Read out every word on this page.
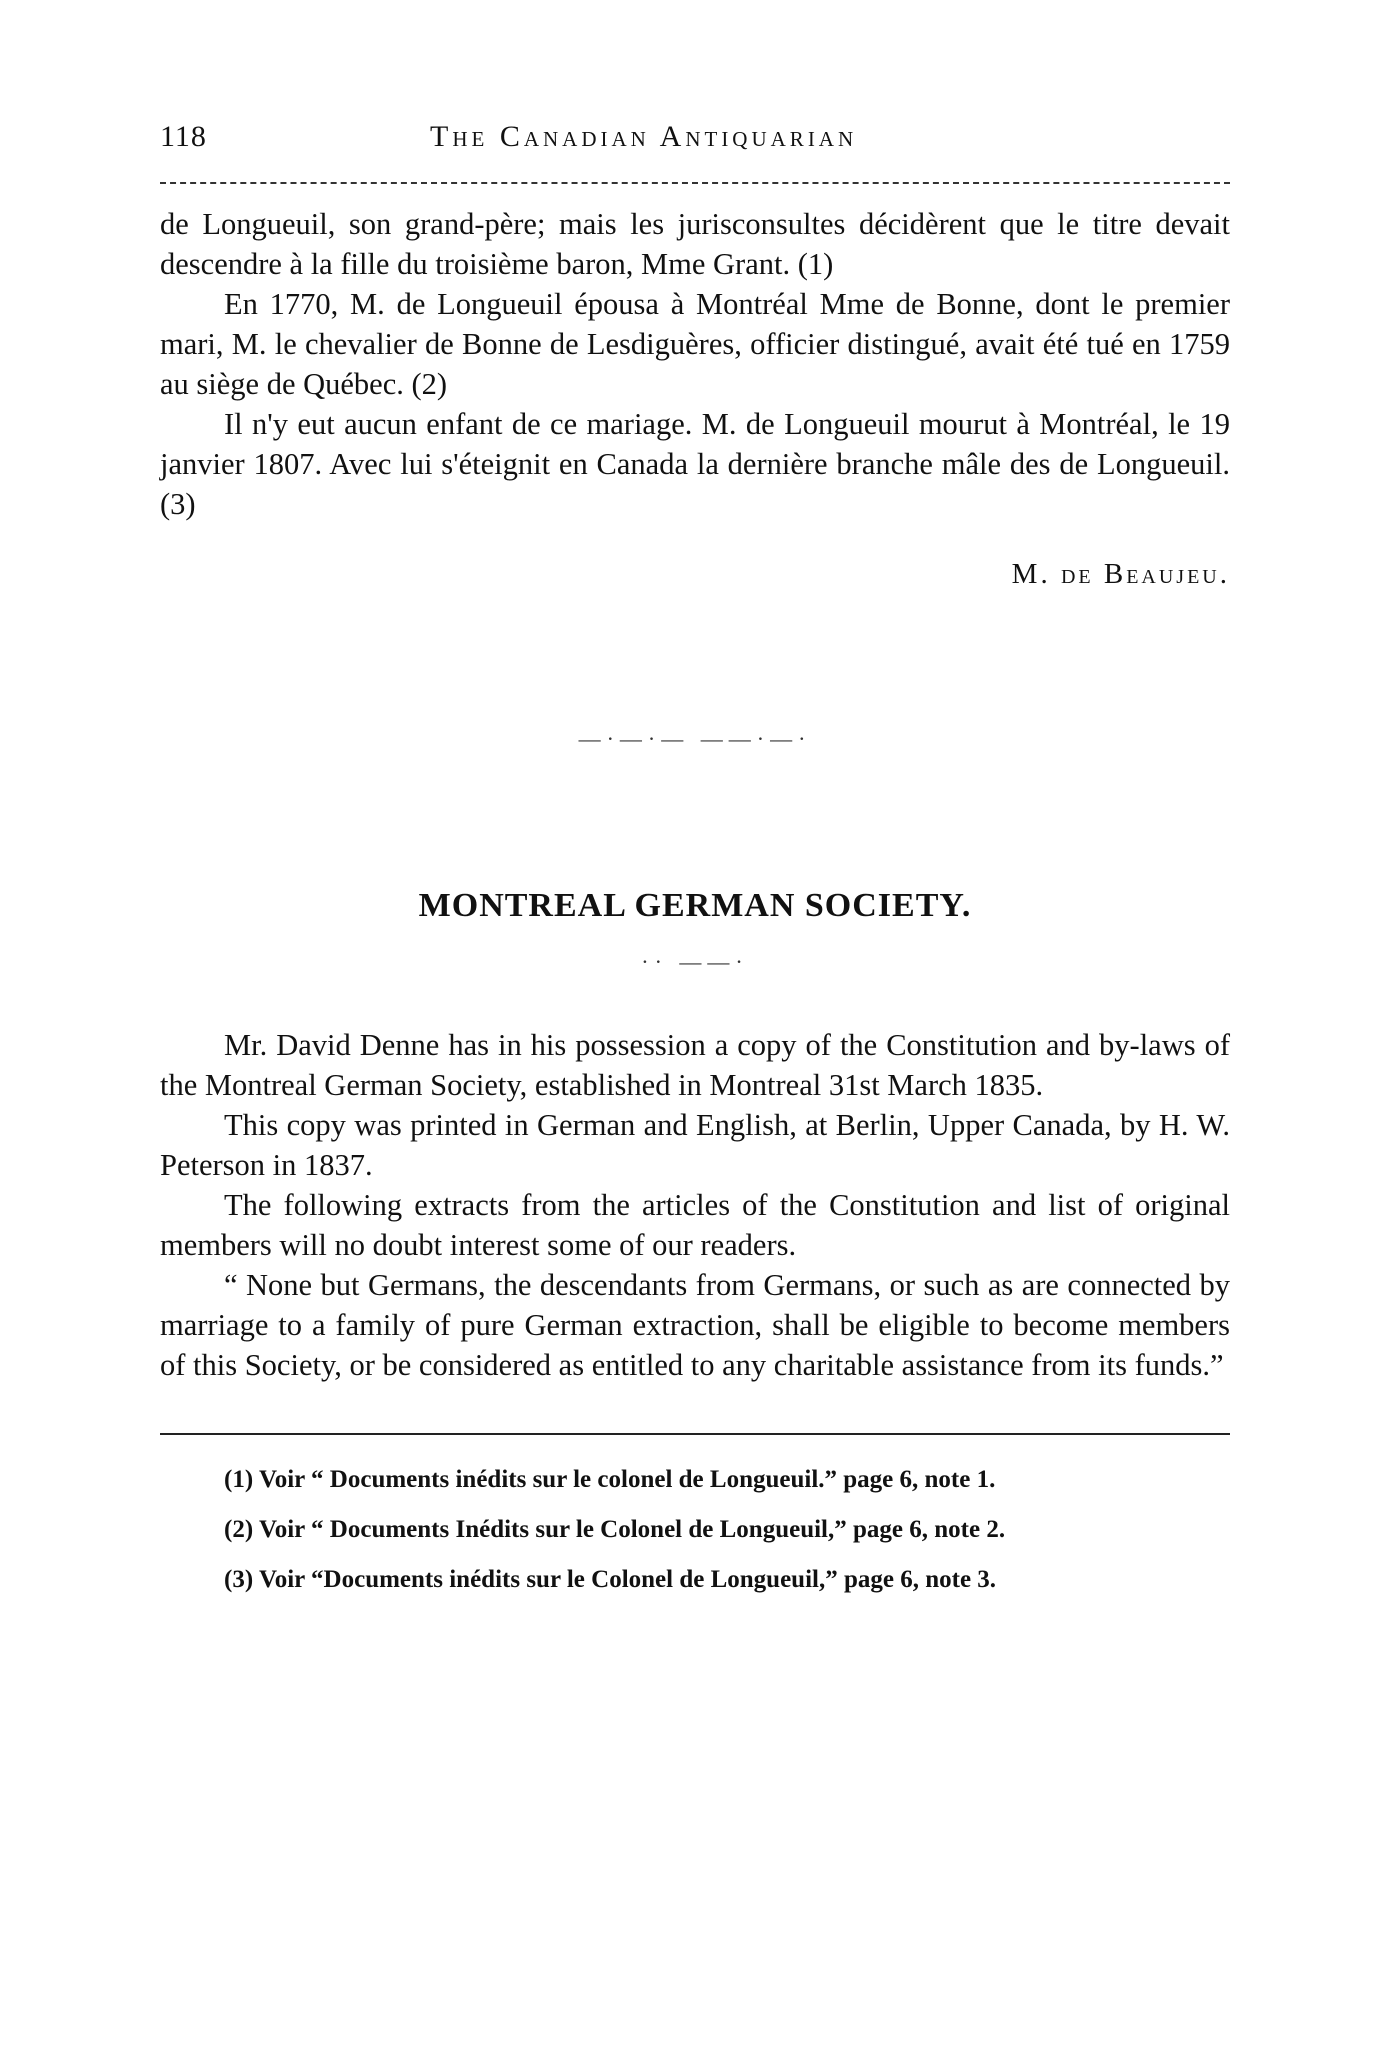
118	The Canadian Antiquarian

de Longueuil, son grand-père; mais les jurisconsultes décidèrent que le titre devait descendre à la fille du troisième baron, Mme Grant. (1)

En 1770, M. de Longueuil épousa à Montréal Mme de Bonne, dont le premier mari, M. le chevalier de Bonne de Lesdiguères, officier distingué, avait été tué en 1759 au siège de Québec. (2)

Il n'y eut aucun enfant de ce mariage. M. de Longueuil mourut à Montréal, le 19 janvier 1807. Avec lui s'éteignit en Canada la dernière branche mâle des de Longueuil. (3)

M. de Beaujeu.
—·—·— ——·—·
MONTREAL GERMAN SOCIETY.
·· ——·

Mr. David Denne has in his possession a copy of the Constitution and by-laws of the Montreal German Society, established in Montreal 31st March 1835.

This copy was printed in German and English, at Berlin, Upper Canada, by H. W. Peterson in 1837.

The following extracts from the articles of the Constitution and list of original members will no doubt interest some of our readers.

“ None but Germans, the descendants from Germans, or such as are connected by marriage to a family of pure German extraction, shall be eligible to become members of this Society, or be considered as entitled to any charitable assistance from its funds.”

(1) Voir “ Documents inédits sur le colonel de Longueuil.” page 6, note 1.

(2) Voir “ Documents Inédits sur le Colonel de Longueuil,” page 6, note 2.

(3) Voir “Documents inédits sur le Colonel de Longueuil,” page 6, note 3.
